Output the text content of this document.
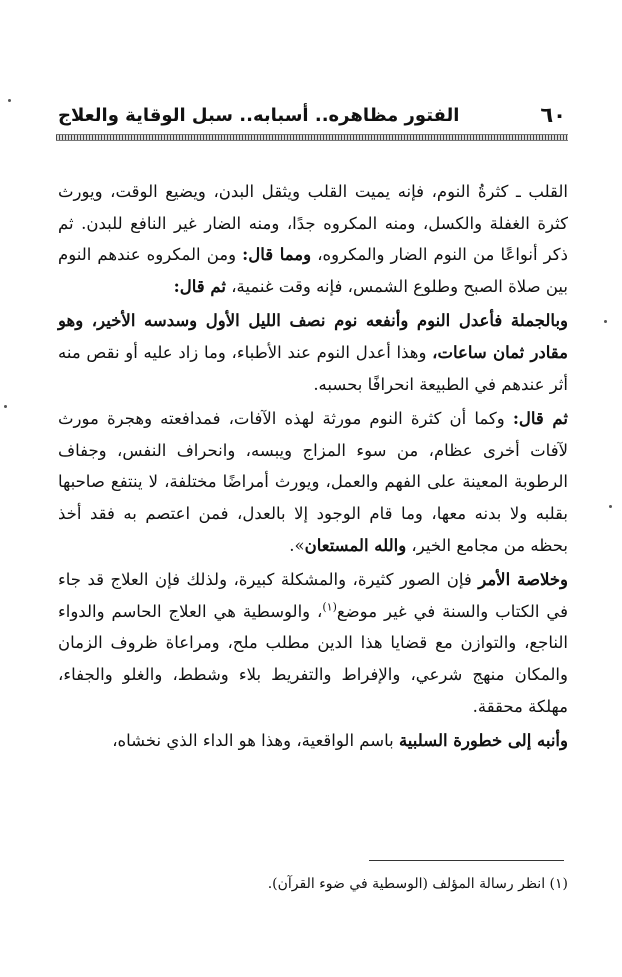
٦٠
الفتور مظاهره.. أسبابه.. سبل الوقاية والعلاج

القلب ـ كثرةُ النوم، فإنه يميت القلب ويثقل البدن، ويضيع الوقت، ويورث كثرة الغفلة والكسل، ومنه المكروه جدًا، ومنه الضار غير النافع للبدن. ثم ذكر أنواعًا من النوم الضار والمكروه، ومما قال: ومن المكروه عندهم النوم بين صلاة الصبح وطلوع الشمس، فإنه وقت غنمية، ثم قال:

وبالجملة فأعدل النوم وأنفعه نوم نصف الليل الأول وسدسه الأخير، وهو مقادر ثمان ساعات، وهذا أعدل النوم عند الأطباء، وما زاد عليه أو نقص منه أثر عندهم في الطبيعة انحرافًا بحسبه.

ثم قال: وكما أن كثرة النوم مورثة لهذه الآفات، فمدافعته وهجرة مورث لآفات أخرى عظام، من سوء المزاج ويبسه، وانحراف النفس، وجفاف الرطوبة المعينة على الفهم والعمل، ويورث أمراضًا مختلفة، لا ينتفع صاحبها بقلبه ولا بدنه معها، وما قام الوجود إلا بالعدل، فمن اعتصم به فقد أخذ بحظه من مجامع الخير، والله المستعان».

وخلاصة الأمر فإن الصور كثيرة، والمشكلة كبيرة، ولذلك فإن العلاج قد جاء في الكتاب والسنة في غير موضع$^{(١)}$، والوسطية هي العلاج الحاسم والدواء الناجع، والتوازن مع قضايا هذا الدين مطلب ملح، ومراعاة ظروف الزمان والمكان منهج شرعي، والإفراط والتفريط بلاء وشطط، والغلو والجفاء، مهلكة محققة.

وأنبه إلى خطورة السلبية باسم الواقعية، وهذا هو الداء الذي نخشاه،

(١) انظر رسالة المؤلف (الوسطية في ضوء القرآن).
